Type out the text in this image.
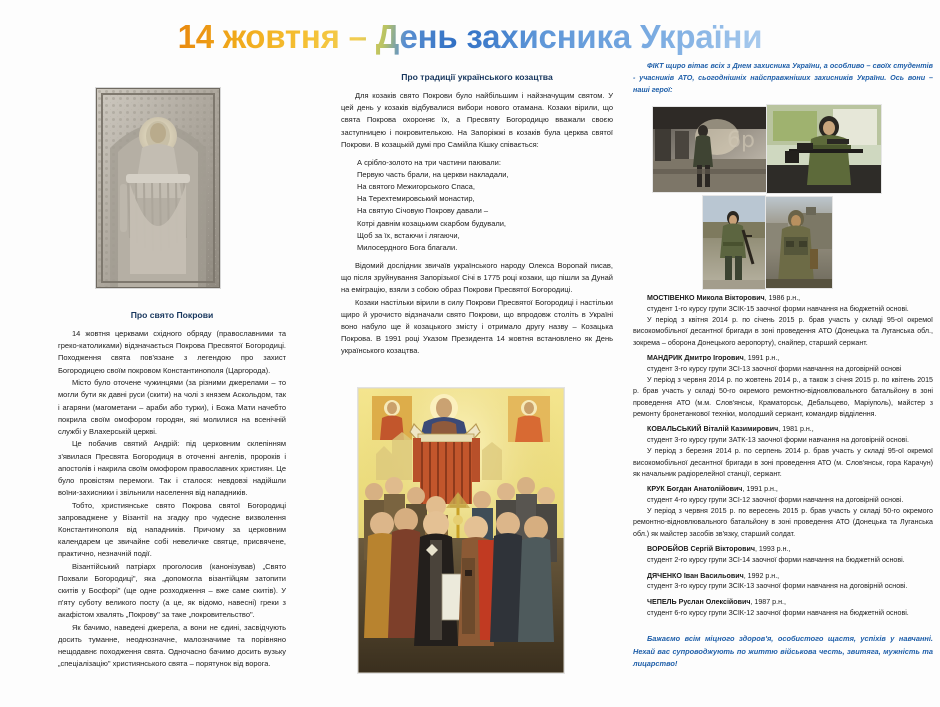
14 жовтня – День захисника України
Про свято Покрови

14 жовтня церквами східного обряду (православними та греко-католиками) відзначається Покрова Пресвятої Богородиці. Походження свята пов'язане з легендою про захист Богородицею своїм покровом Константинополя (Царгорода).

Місто було оточене чужинцями (за різними джерелами – то могли бути як давні руси (скити) на чолі з князем Аскольдом, так і агаряни (магометани – араби або турки), і Божа Мати начебто покрила своїм омофором городян, які молилися на всенічній службі у Влахерській церкві.

Це побачив святий Андрій: під церковним склепінням з'явилася Пресвята Богородиця в оточенні ангелів, пророків і апостолів і накрила своїм омофором православних християн. Це було провістям перемоги. Так і сталося: невдовзі надійшли воїни-захисники і звільнили населення від нападників.

Тобто, християнське свято Покрова святої Богородиці запроваджене у Візантії на згадку про чудесне визволення Константинополя від нападників. Причому за церковним календарем це звичайне собі невеличке святце, присвячене, практично, незначній події.

Візантійський патріарх проголосив (канонізував) „Свято Похвали Богородиці", яка „допомогла візантійцям затопити скитів у Босфорі" (ще одне розходження – вже саме скитів). У п'яту суботу великого посту (а це, як відомо, навесні) греки з акафістом хвалять „Покрову" за таке „покровительство".

Як бачимо, наведені джерела, а вони не єдині, засвідчують досить туманне, неоднозначне, малозначиме та порівняно нещодавнє походження свята. Одночасно бачимо досить вузьку „спеціалізацію" християнського свята – порятунок від ворога.

Про традиції українського козацтва

Для козаків свято Покрови було найбільшим і найзначущим святом. У цей день у козаків відбувалися вибори нового отамана. Козаки вірили, що свята Покрова охороняє їх, а Пресвяту Богородицю вважали своєю заступницею і покровителькою. На Запоріжжі в козаків була церква святої Покрови. В козацькій думі про Самійла Кішку співається:

А срібло-золото на три частини паювали:
Первую часть брали, на церкви накладали,
На святого Межигорського Спаса,
На Терехтемировський монастир,
На святую Січовую Покрову давали –
Котрі давнім козацьким скарбом будували,
Щоб за їх, встаючи і лягаючи,
Милосердного Бога благали.

Відомий дослідник звичаїв українського народу Олекса Воропай писав, що після зруйнування Запорізької Січі в 1775 році козаки, що пішли за Дунай на еміграцію, взяли з собою образ Покрови Пресвятої Богородиці.

Козаки настільки вірили в силу Покрови Пресвятої Богородиці і настільки щиро й урочисто відзначали свято Покрови, що впродовж століть в Україні воно набуло ще й козацького змісту і отримало другу назву – Козацька Покрова. В 1991 році Указом Президента 14 жовтня встановлено як День українського козацтва.

ФІКТ щиро вітає всіх з Днем захисника України, а особливо – своїх студентів - учасників АТО, сьогоднішніх найсправжніших захисників України. Ось вони – наші герої:

6р
МОСТІВЕНКО Микола Вікторович, 1986 р.н.,

студент 1-го курсу групи ЗСІК-15 заочної форми навчання на бюджетній основі.

У період з квітня 2014 р. по січень 2015 р. брав участь у складі 95-ої окремої високомобільної десантної бригади в зоні проведення АТО (Донецька та Луганська обл., зокрема – оборона Донецького аеропорту), снайпер, старший сержант.

МАНДРИК Дмитро Ігорович, 1991 р.н.,

студент 3-го курсу групи ЗСІ-13 заочної форми навчання на договірній основі

У період з червня 2014 р. по жовтень 2014 р., а також з січня 2015 р. по квітень 2015 р. брав участь у складі 50-го окремого ремонтно-відновлювального батальйону в зоні проведення АТО (м.м. Слов'янськ, Краматорськ, Дебальцево, Маріуполь), майстер з ремонту бронетанкової техніки, молодший сержант, командир відділення.

КОВАЛЬСЬКИЙ Віталій Казимирович, 1981 р.н.,

студент 3-го курсу групи ЗАТК-13 заочної форми навчання на договірній основі.

У період з березня 2014 р. по серпень 2014 р. брав участь у складі 95-ої окремої високомобільної десантної бригади в зоні проведення АТО (м. Слов'янськ, гора Карачун) як начальник радіорелейної станції, сержант.

КРУК Богдан Анатолійович, 1991 р.н.,

студент 4-го курсу групи ЗСІ-12 заочної форми навчання на договірній основі.

У період з червня 2015 р. по вересень 2015 р. брав участь у складі 50-го окремого ремонтно-відновлювального батальйону в зоні проведення АТО (Донецька та Луганська обл.) як майстер засобів зв'язку, старший солдат.

ВОРОБЙОВ Сергій Вікторович, 1993 р.н.,

студент 2-го курсу групи ЗСІ-14 заочної форми навчання на бюджетній основі.

ДЯЧЕНКО Іван Васильович, 1992 р.н.,

студент 3-го курсу групи ЗСІК-13 заочної форми навчання на договірній основі.

ЧЕПЕЛЬ Руслан Олексійович, 1987 р.н.,

студент 6-го курсу групи ЗСІК-12 заочної форми навчання на бюджетній основі.

Бажаємо всім міцного здоров'я, особистого щастя, успіхів у навчанні. Нехай вас супроводжують по життю військова честь, звитяга, мужність та лицарство!
